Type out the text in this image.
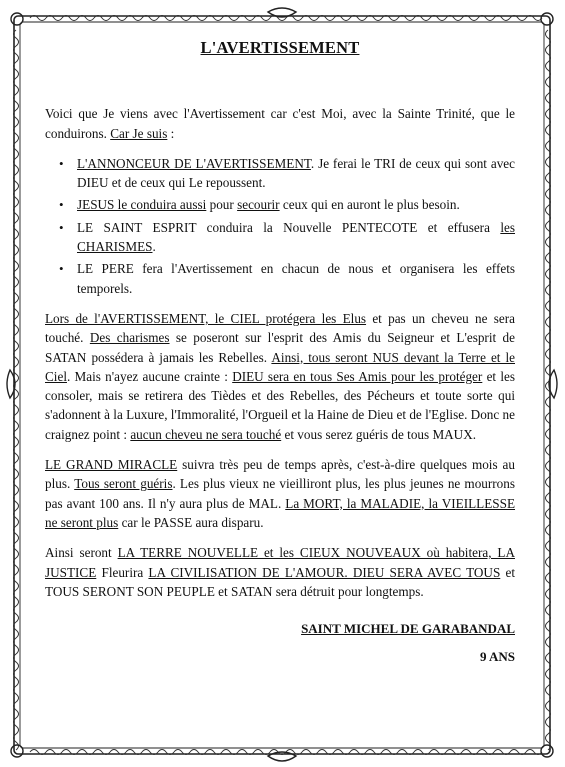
L'AVERTISSEMENT

Voici que Je viens avec l'Avertissement car c'est Moi, avec la Sainte Trinité, que le conduirons. Car Je suis :

• L'ANNONCEUR DE L'AVERTISSEMENT. Je ferai le TRI de ceux qui sont avec DIEU et de ceux qui Le repoussent.
• JESUS le conduira aussi pour secourir ceux qui en auront le plus besoin.
• LE SAINT ESPRIT conduira la Nouvelle PENTECOTE et effusera les CHARISMES.
• LE PERE fera l'Avertissement en chacun de nous et organisera les effets temporels.

Lors de l'AVERTISSEMENT, le CIEL protégera les Elus et pas un cheveu ne sera touché. Des charismes se poseront sur l'esprit des Amis du Seigneur et L'esprit de SATAN possédera à jamais les Rebelles. Ainsi, tous seront NUS devant la Terre et le Ciel. Mais n'ayez aucune crainte : DIEU sera en tous Ses Amis pour les protéger et les consoler, mais se retirera des Tièdes et des Rebelles, des Pécheurs et toute sorte qui s'adonnent à la Luxure, l'Immoralité, l'Orgueil et la Haine de Dieu et de l'Eglise. Donc ne craignez point : aucun cheveu ne sera touché et vous serez guéris de tous MAUX.

LE GRAND MIRACLE suivra très peu de temps après, c'est-à-dire quelques mois au plus. Tous seront guéris. Les plus vieux ne vieilliront plus, les plus jeunes ne mourrons pas avant 100 ans. Il n'y aura plus de MAL. La MORT, la MALADIE, la VIEILLESSE ne seront plus car le PASSE aura disparu.

Ainsi seront LA TERRE NOUVELLE et les CIEUX NOUVEAUX où habitera, LA JUSTICE Fleurira LA CIVILISATION DE L'AMOUR. DIEU SERA AVEC TOUS et TOUS SERONT SON PEUPLE et SATAN sera détruit pour longtemps.

SAINT MICHEL DE GARABANDAL
9 ANS
